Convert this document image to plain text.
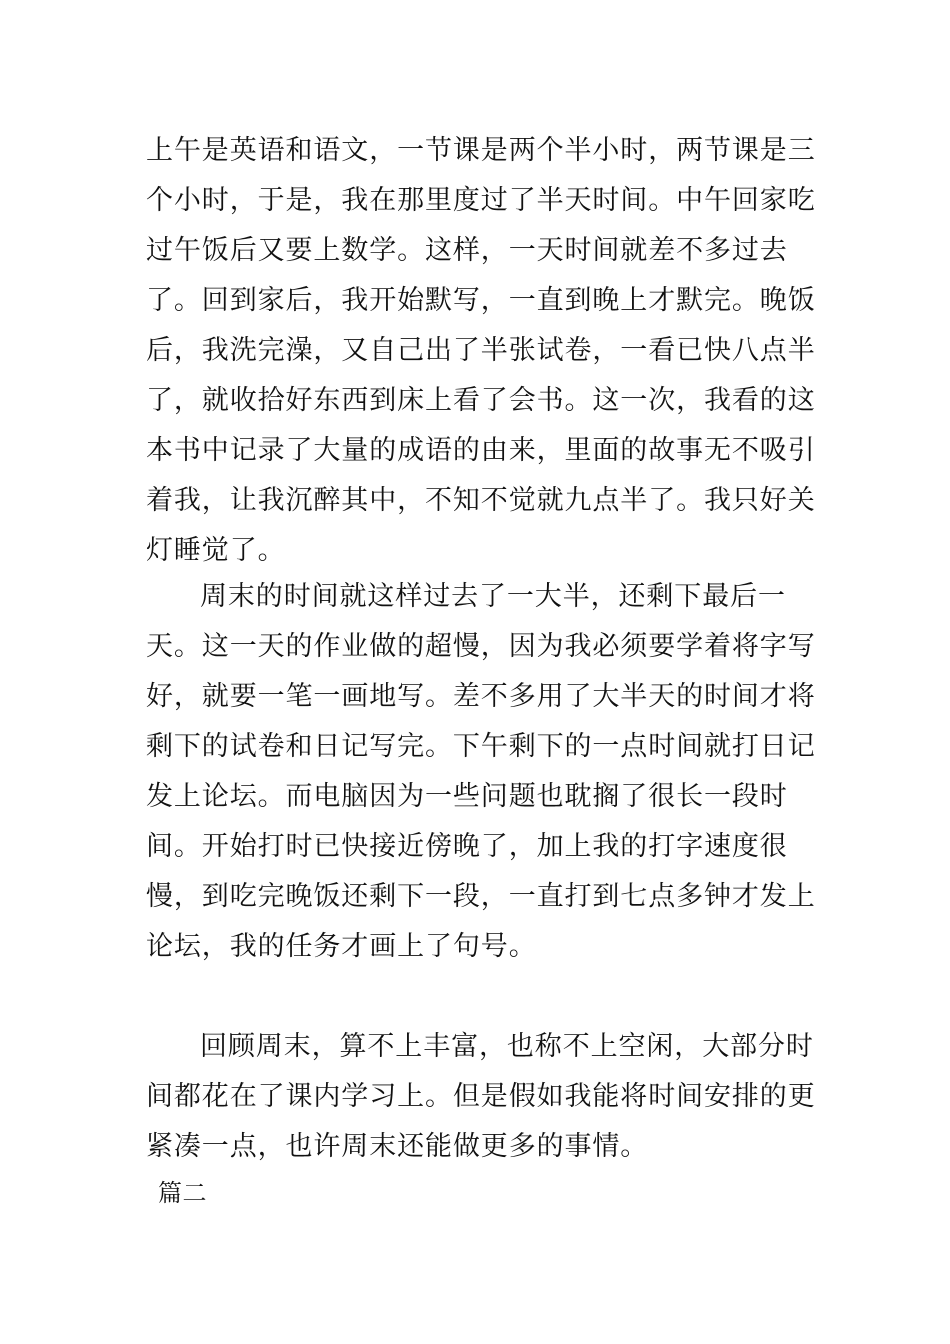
上午是英语和语文，一节课是两个半小时，两节课是三个小时，于是，我在那里度过了半天时间。中午回家吃过午饭后又要上数学。这样，一天时间就差不多过去了。回到家后，我开始默写，一直到晚上才默完。晚饭后，我洗完澡，又自己出了半张试卷，一看已快八点半了，就收拾好东西到床上看了会书。这一次，我看的这本书中记录了大量的成语的由来，里面的故事无不吸引着我，让我沉醉其中，不知不觉就九点半了。我只好关灯睡觉了。

周末的时间就这样过去了一大半，还剩下最后一天。这一天的作业做的超慢，因为我必须要学着将字写好，就要一笔一画地写。差不多用了大半天的时间才将剩下的试卷和日记写完。下午剩下的一点时间就打日记发上论坛。而电脑因为一些问题也耽搁了很长一段时间。开始打时已快接近傍晚了，加上我的打字速度很慢，到吃完晚饭还剩下一段，一直打到七点多钟才发上论坛，我的任务才画上了句号。

回顾周末，算不上丰富，也称不上空闲，大部分时间都花在了课内学习上。但是假如我能将时间安排的更紧凑一点，也许周末还能做更多的事情。

篇二
